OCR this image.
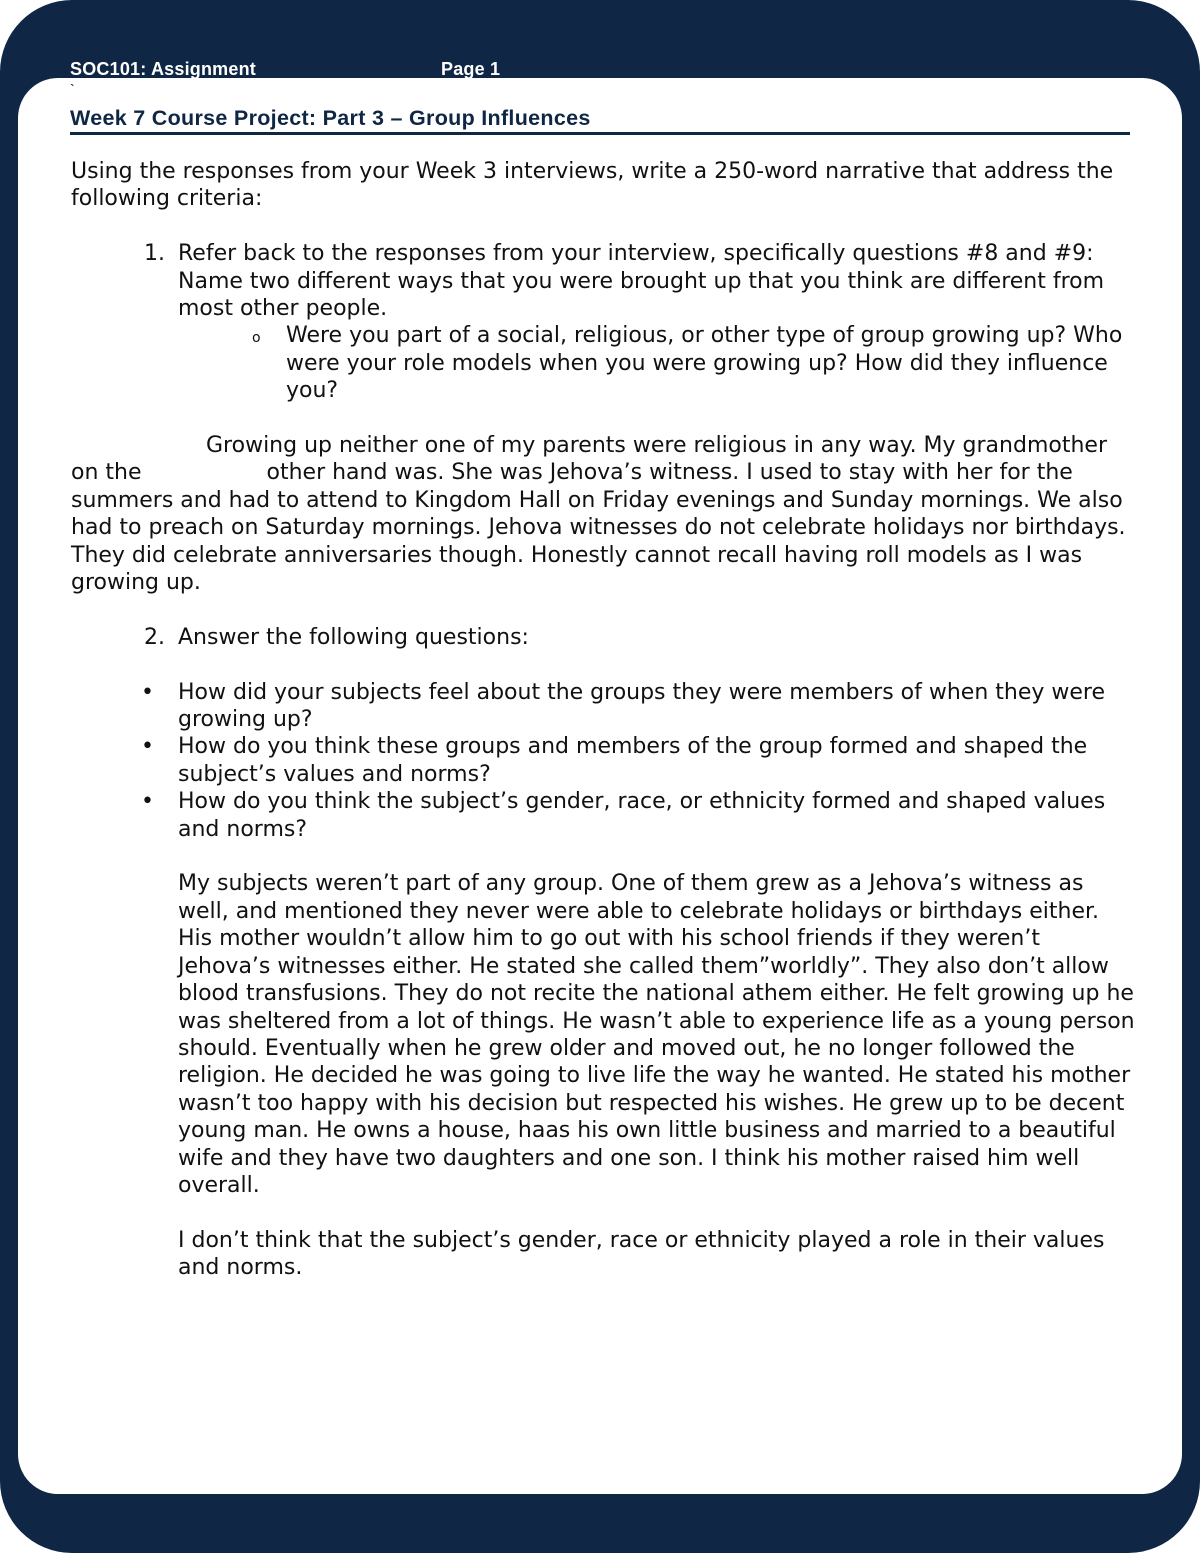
SOC101: Assignment	Page 1
`
Week 7 Course Project: Part 3 – Group Influences

Using the responses from your Week 3 interviews, write a 250-word narrative that address the following criteria:

1. Refer back to the responses from your interview, specifically questions #8 and #9: Name two different ways that you were brought up that you think are different from most other people.
o Were you part of a social, religious, or other type of group growing up? Who were your role models when you were growing up? How did they influence you?

Growing up neither one of my parents were religious in any way. My grandmother on the	other hand was. She was Jehova’s witness. I used to stay with her for the summers and had to attend to Kingdom Hall on Friday evenings and Sunday mornings. We also had to preach on Saturday mornings. Jehova witnesses do not celebrate holidays nor birthdays. They did celebrate anniversaries though. Honestly cannot recall having roll models as I was growing up.

2. Answer the following questions:
• How did your subjects feel about the groups they were members of when they were growing up?
• How do you think these groups and members of the group formed and shaped the subject’s values and norms?
• How do you think the subject’s gender, race, or ethnicity formed and shaped values and norms?

My subjects weren’t part of any group. One of them grew as a Jehova’s witness as well, and mentioned they never were able to celebrate holidays or birthdays either. His mother wouldn’t allow him to go out with his school friends if they weren’t Jehova’s witnesses either. He stated she called them”worldly”. They also don’t allow blood transfusions. They do not recite the national athem either. He felt growing up he was sheltered from a lot of things. He wasn’t able to experience life as a young person should. Eventually when he grew older and moved out, he no longer followed the religion. He decided he was going to live life the way he wanted. He stated his mother wasn’t too happy with his decision but respected his wishes. He grew up to be decent young man. He owns a house, haas his own little business and married to a beautiful wife and they have two daughters and one son. I think his mother raised him well overall.

I don’t think that the subject’s gender, race or ethnicity played a role in their values and norms.
